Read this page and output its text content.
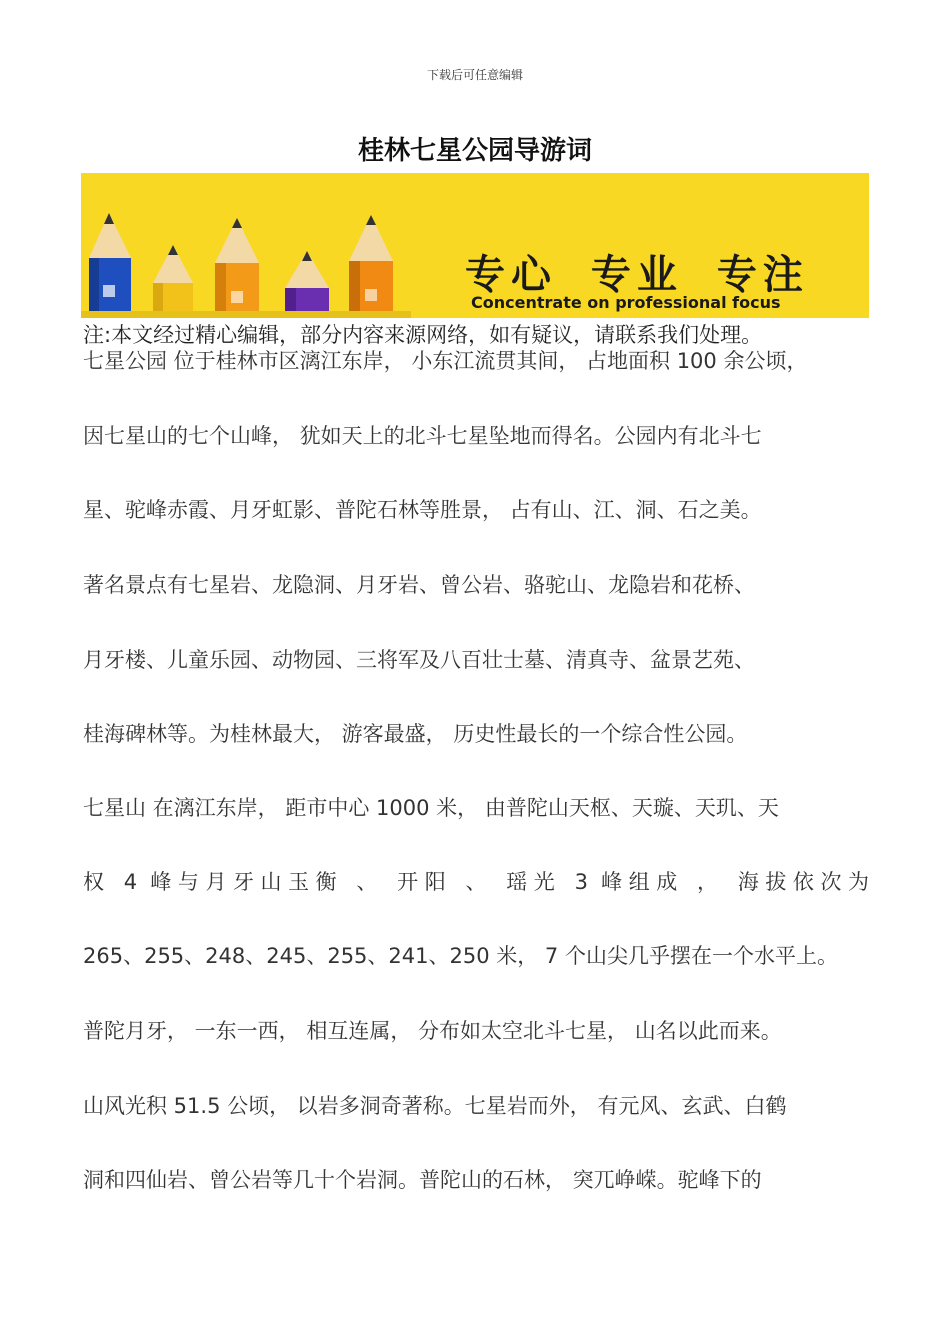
下载后可任意编辑
桂林七星公园导游词
专心 专业 专注
Concentrate on professional focus
注:本文经过精心编辑，部分内容来源网络，如有疑议，请联系我们处理。
七星公园 位于桂林市区漓江东岸， 小东江流贯其间， 占地面积 100 余公顷，
因七星山的七个山峰， 犹如天上的北斗七星坠地而得名。公园内有北斗七
星、驼峰赤霞、月牙虹影、普陀石林等胜景， 占有山、江、洞、石之美。
著名景点有七星岩、龙隐洞、月牙岩、曾公岩、骆驼山、龙隐岩和花桥、
月牙楼、儿童乐园、动物园、三将军及八百壮士墓、清真寺、盆景艺苑、
桂海碑林等。为桂林最大， 游客最盛， 历史性最长的一个综合性公园。
七星山 在漓江东岸， 距市中心 1000 米， 由普陀山天枢、天璇、天玑、天
权 4 峰与月牙山玉衡 、 开阳 、 瑶光 3 峰组成 ， 海拔依次为
265、255、248、245、255、241、250 米， 7 个山尖几乎摆在一个水平上。
普陀月牙， 一东一西， 相互连属， 分布如太空北斗七星， 山名以此而来。
山风光积 51.5 公顷， 以岩多洞奇著称。七星岩而外， 有元风、玄武、白鹤
洞和四仙岩、曾公岩等几十个岩洞。普陀山的石林， 突兀峥嵘。驼峰下的
